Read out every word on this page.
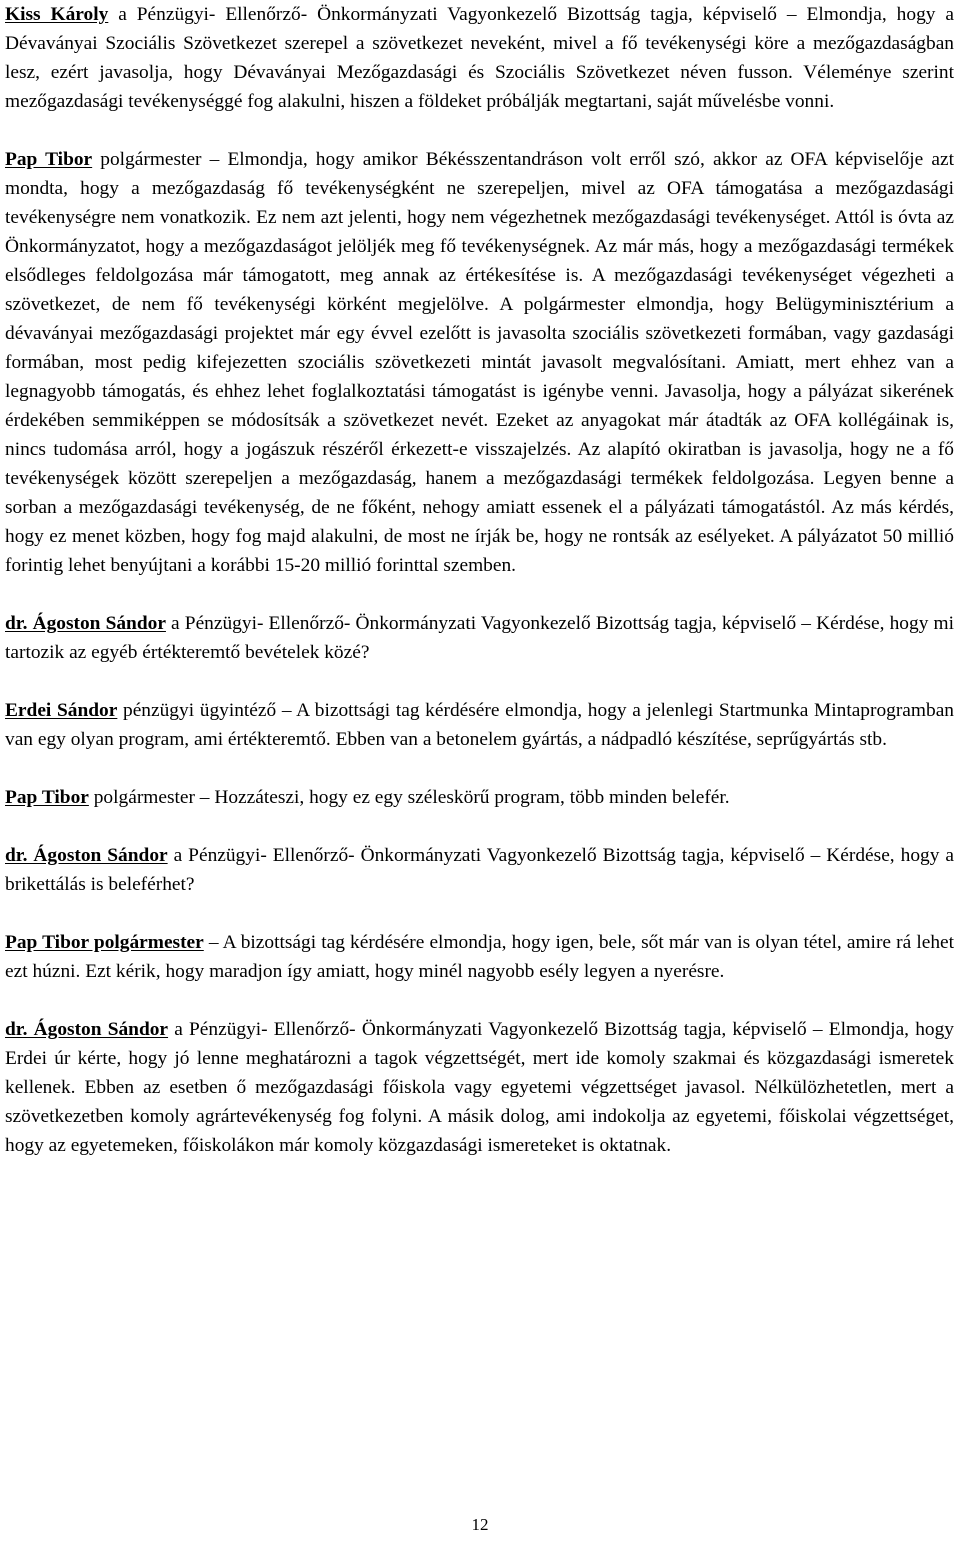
Kiss Károly a Pénzügyi- Ellenőrző- Önkormányzati Vagyonkezelő Bizottság tagja, képviselő – Elmondja, hogy a Dévaványai Szociális Szövetkezet szerepel a szövetkezet neveként, mivel a fő tevékenységi köre a mezőgazdaságban lesz, ezért javasolja, hogy Dévaványai Mezőgazdasági és Szociális Szövetkezet néven fusson. Véleménye szerint mezőgazdasági tevékenységgé fog alakulni, hiszen a földeket próbálják megtartani, saját művelésbe vonni.

Pap Tibor polgármester – Elmondja, hogy amikor Békésszentandráson volt erről szó, akkor az OFA képviselője azt mondta, hogy a mezőgazdaság fő tevékenységként ne szerepeljen, mivel az OFA támogatása a mezőgazdasági tevékenységre nem vonatkozik. Ez nem azt jelenti, hogy nem végezhetnek mezőgazdasági tevékenységet. Attól is óvta az Önkormányzatot, hogy a mezőgazdaságot jelöljék meg fő tevékenységnek. Az már más, hogy a mezőgazdasági termékek elsődleges feldolgozása már támogatott, meg annak az értékesítése is. A mezőgazdasági tevékenységet végezheti a szövetkezet, de nem fő tevékenységi körként megjelölve. A polgármester elmondja, hogy Belügyminisztérium a dévaványai mezőgazdasági projektet már egy évvel ezelőtt is javasolta szociális szövetkezeti formában, vagy gazdasági formában, most pedig kifejezetten szociális szövetkezeti mintát javasolt megvalósítani. Amiatt, mert ehhez van a legnagyobb támogatás, és ehhez lehet foglalkoztatási támogatást is igénybe venni. Javasolja, hogy a pályázat sikerének érdekében semmiképpen se módosítsák a szövetkezet nevét. Ezeket az anyagokat már átadták az OFA kollégáinak is, nincs tudomása arról, hogy a jogászuk részéről érkezett-e visszajelzés. Az alapító okiratban is javasolja, hogy ne a fő tevékenységek között szerepeljen a mezőgazdaság, hanem a mezőgazdasági termékek feldolgozása. Legyen benne a sorban a mezőgazdasági tevékenység, de ne főként, nehogy amiatt essenek el a pályázati támogatástól. Az más kérdés, hogy ez menet közben, hogy fog majd alakulni, de most ne írják be, hogy ne rontsák az esélyeket. A pályázatot 50 millió forintig lehet benyújtani a korábbi 15-20 millió forinttal szemben.

dr. Ágoston Sándor a Pénzügyi- Ellenőrző- Önkormányzati Vagyonkezelő Bizottság tagja, képviselő – Kérdése, hogy mi tartozik az egyéb értékteremtő bevételek közé?

Erdei Sándor pénzügyi ügyintéző – A bizottsági tag kérdésére elmondja, hogy a jelenlegi Startmunka Mintaprogramban van egy olyan program, ami értékteremtő. Ebben van a betonelem gyártás, a nádpadló készítése, seprűgyártás stb.

Pap Tibor polgármester – Hozzáteszi, hogy ez egy széleskörű program, több minden belefér.

dr. Ágoston Sándor a Pénzügyi- Ellenőrző- Önkormányzati Vagyonkezelő Bizottság tagja, képviselő – Kérdése, hogy a brikettálás is beleférhet?

Pap Tibor polgármester – A bizottsági tag kérdésére elmondja, hogy igen, bele, sőt már van is olyan tétel, amire rá lehet ezt húzni. Ezt kérik, hogy maradjon így amiatt, hogy minél nagyobb esély legyen a nyerésre.

dr. Ágoston Sándor a Pénzügyi- Ellenőrző- Önkormányzati Vagyonkezelő Bizottság tagja, képviselő – Elmondja, hogy Erdei úr kérte, hogy jó lenne meghatározni a tagok végzettségét, mert ide komoly szakmai és közgazdasági ismeretek kellenek. Ebben az esetben ő mezőgazdasági főiskola vagy egyetemi végzettséget javasol. Nélkülözhetetlen, mert a szövetkezetben komoly agrártevékenység fog folyni. A másik dolog, ami indokolja az egyetemi, főiskolai végzettséget, hogy az egyetemeken, főiskolákon már komoly közgazdasági ismereteket is oktatnak.

12
